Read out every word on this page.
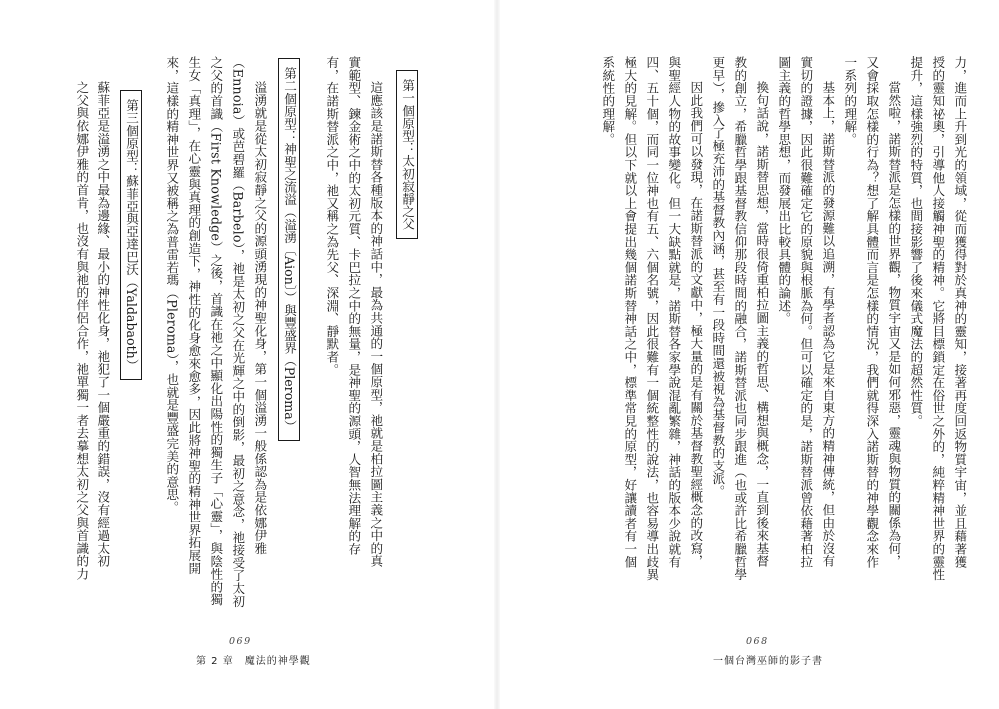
之父與依娜伊雅的首肯，也沒有與祂的伴侶合作，祂單獨一者去摹想太初之父與首識的力 蘇菲亞是溢湧之中最為邊緣、最小的神性化身，祂犯了一個嚴重的錯誤，沒有經過太初	第三個原型：蘇菲亞與亞達巴沃（Yaldabaoth）	來，這樣的精神世界又被稱之為普雷若瑪（Pleroma），也就是豐盛完美的意思。 生女「真理」，在心靈與真理的創造下，神性的化身愈來愈多，因此將神聖的精神世界拓展開 之父的首識（First Knowledge）之後，首識在祂之中顯化出陽性的獨生子「心靈」，與陰性的獨 （Ennoia）或芭碧羅（Barbelo），祂是太初之父在光輝之中的倒影，最初之意念，祂接受了太初 溢湧就是從太初寂靜之父的源頭湧現的神聖化身，第一個溢湧一般係認為是依娜伊雅	第二個原型：神聖之流溢（溢湧〔Aion〕）與豐盛界（Pleroma）	有，在諾斯替派之中，祂又稱之為先父、深淵、靜默者。 實範型、鍊金術之中的太初元質、卡巴拉之中的無量，是神聖的源頭，人智無法理解的存 這應該是諾斯替各種版本的神話中，最為共通的一個原型，祂就是柏拉圖主義之中的真	第一個原型：太初寂靜之父
069
第 2 章　魔法的神學觀
系統性的理解。 極大的見解。但以下就以上會提出幾個諾斯替神話之中，標準常見的原型，好讓讀者有一個 四、五十個，而同一位神也有五、六個名號，因此很難有一個統整性的說法，也容易導出歧異 與聖經人物的故事變化。但一大缺點就是，諾斯替各家學說混亂繁雜，神話的版本少說就有 因此我們可以發現，在諾斯替派的文獻中，極大量的是有關於基督教聖經概念的改寫， 更早），摻入了極充沛的基督教內涵，甚至有一段時間還被視為基督教的支派。 教的創立，希臘哲學跟基督教信仰那段時間的融合，諾斯替派也同步跟進（也或許比希臘哲學 換句話說，諾斯替思想，當時很倚重柏拉圖主義的哲思、構想與概念，一直到後來基督 圖主義的哲學思想，而發展出比較具體的論述。 實切的證據，因此很難確定它的原貌與根脈為何。但可以確定的是，諾斯替派曾依藉著柏拉 基本上，諾斯替派的發源難以追溯，有學者認為它是來自東方的精神傳統，但由於沒有 一系列的理解。 又會採取怎樣的行為？想了解具體而言是怎樣的情況，我們就得深入諾斯替的神學觀念來作 當然啦，諾斯替派是怎樣的世界觀，物質宇宙又是如何邪惡，靈魂與物質的關係為何， 提升，這樣強烈的特質，也間接影響了後來儀式魔法的超然性質。 授的靈知祕奧，引導他人接觸神聖的精神。它將目標鎖定在俗世之外的，純粹精神世界的靈性 力，進而上升到光的領域，從而獲得對於真神的靈知，接著再度回返物質宇宙，並且藉著獲
068
一個台灣巫師的影子書
